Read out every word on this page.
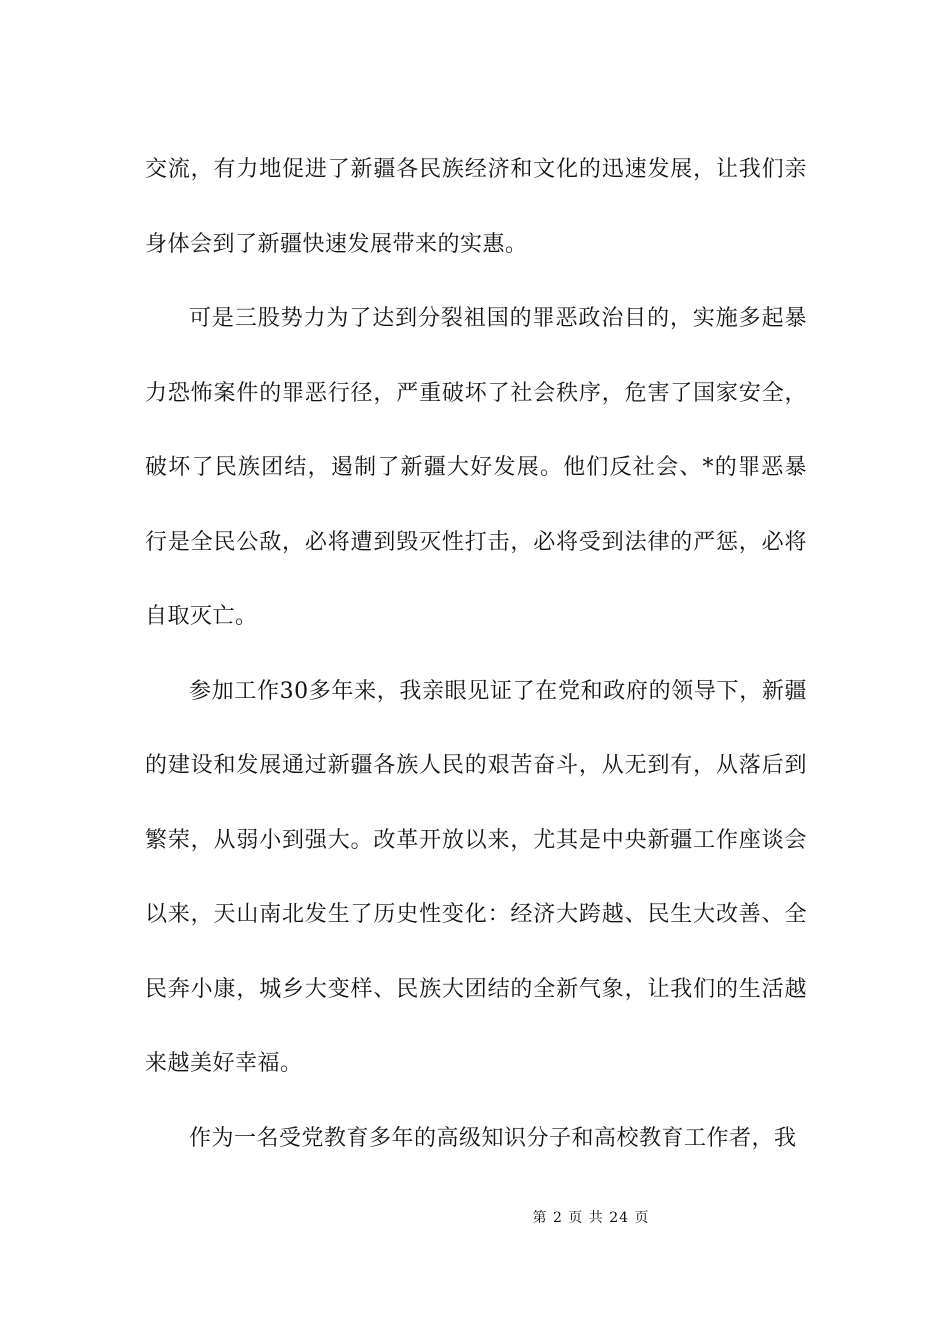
交流，有力地促进了新疆各民族经济和文化的迅速发展，让我们亲身体会到了新疆快速发展带来的实惠。

可是三股势力为了达到分裂祖国的罪恶政治目的，实施多起暴力恐怖案件的罪恶行径，严重破坏了社会秩序，危害了国家安全，破坏了民族团结，遏制了新疆大好发展。他们反社会、*的罪恶暴行是全民公敌，必将遭到毁灭性打击，必将受到法律的严惩，必将自取灭亡。

参加工作30多年来，我亲眼见证了在党和政府的领导下，新疆的建设和发展通过新疆各族人民的艰苦奋斗，从无到有，从落后到繁荣，从弱小到强大。改革开放以来，尤其是中央新疆工作座谈会以来，天山南北发生了历史性变化：经济大跨越、民生大改善、全民奔小康，城乡大变样、民族大团结的全新气象，让我们的生活越来越美好幸福。

作为一名受党教育多年的高级知识分子和高校教育工作者，我

第 2 页 共 24 页
